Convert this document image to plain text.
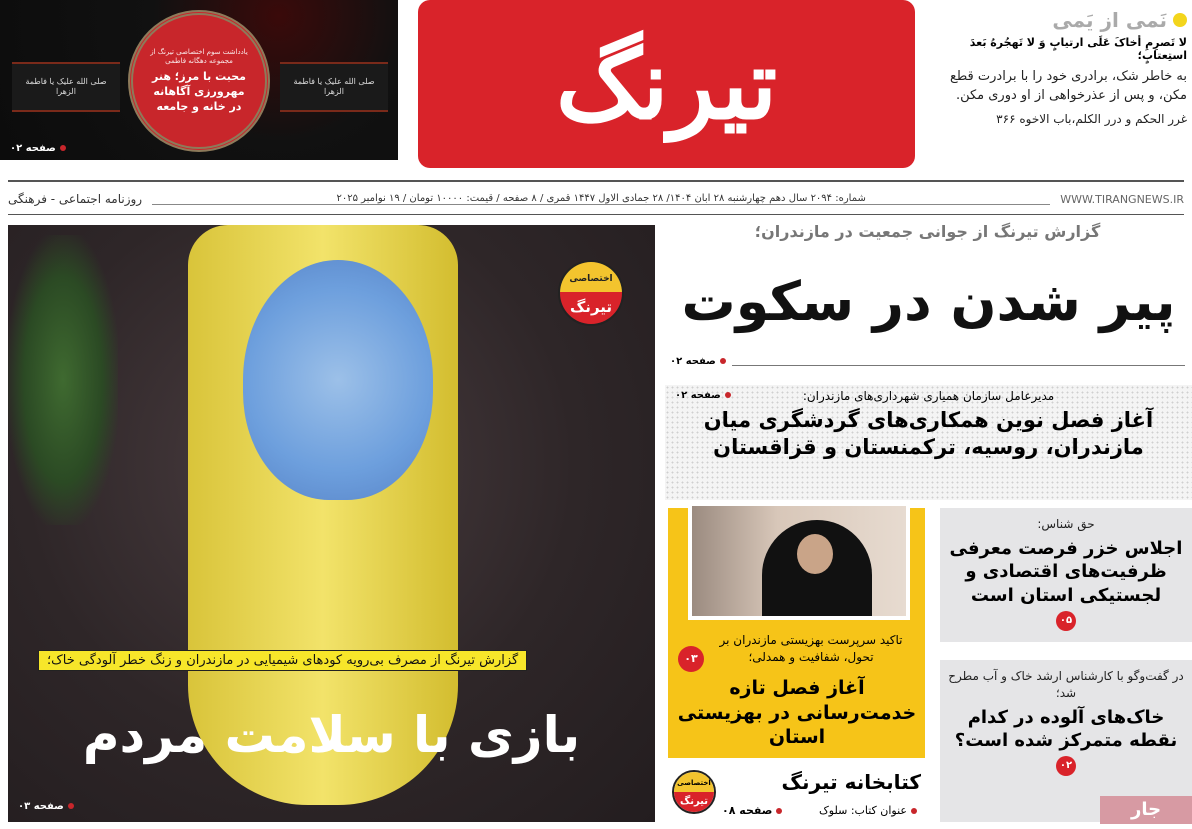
صلی الله علیک یا فاطمة الزهرا
صلی الله علیک یا فاطمة الزهرا
یادداشت سوم اختصاصی تیرنگ از مجموعه دهگانه فاطمی
محبت با مرز؛ هنر مهرورزی آگاهانه در خانه و جامعه
صفحه ۰۲
تیرنگ
نَمی از یَمی
لا تَصرِمِ أخاکَ عَلَی ارتیابٍ وَ لا تَهجُرهُ بَعدَ استِعتابٍ؛
به خاطر شک، برادری خود را با برادرت قطع مکن، و پس از عذرخواهی از او دوری مکن.
غرر الحکم و درر الکلم،باب الاخوه ۳۶۶
WWW.TIRANGNEWS.IR
شماره: ۲۰۹۴ سال دهم چهارشنبه ۲۸ آبان ۱۴۰۴/ ۲۸ جمادی الاول ۱۴۴۷ قمری / ۸ صفحه / قیمت: ۱۰۰۰۰ تومان / ۱۹ نوامبر ۲۰۲۵
روزنامه اجتماعی - فرهنگی
اختصاصی
تیرنگ
گزارش تیرنگ از مصرف بی‌رویه کودهای شیمیایی در مازندران و زنگ خطر آلودگی خاک؛
بازی با سلامت مردم
صفحه ۰۳
گزارش تیرنگ از جوانی جمعیت در مازندران؛
پیر شدن در سکوت
صفحه ۰۲
صفحه ۰۲	مدیرعامل سازمان همیاری شهرداری‌های مازندران:
آغاز فصل نوین همکاری‌های گردشگری میان مازندران، روسیه، ترکمنستان و قزاقستان
۰۳
تاکید سرپرست بهزیستی مازندران بر تحول، شفافیت و همدلی؛
آغاز فصل تازه خدمت‌رسانی در بهزیستی استان
کتابخانه تیرنگ
اختصاصی
تیرنگ
عنوان کتاب: سلوک
صفحه ۰۸
حق شناس:
اجلاس خزر فرصت معرفی ظرفیت‌های اقتصادی و لجستیکی استان است
۰۵
در گفت‌وگو با کارشناس ارشد خاک و آب مطرح شد؛
خاک‌های آلوده در کدام نقطه متمرکز شده است؟
۰۲
جار
